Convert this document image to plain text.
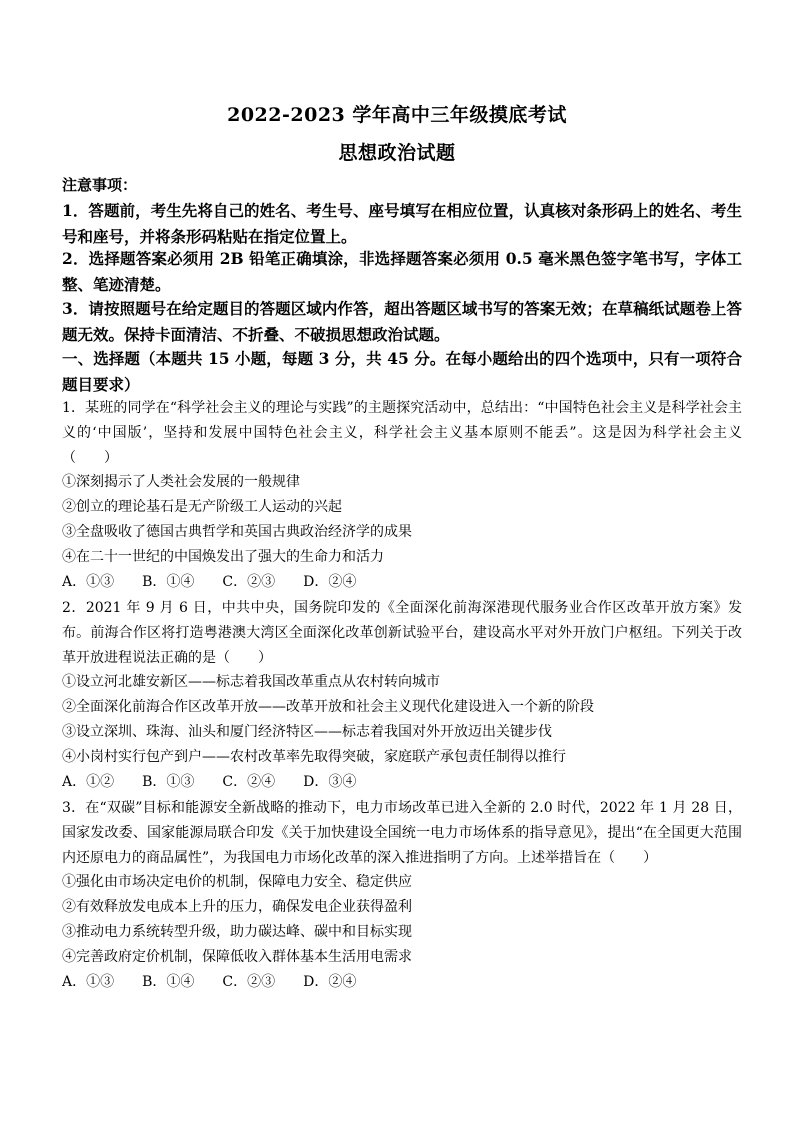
2022-2023 学年高中三年级摸底考试
思想政治试题
注意事项：
1．答题前，考生先将自己的姓名、考生号、座号填写在相应位置，认真核对条形码上的姓名、考生号和座号，并将条形码粘贴在指定位置上。
2．选择题答案必须用 2B 铅笔正确填涂，非选择题答案必须用 0.5 毫米黑色签字笔书写，字体工整、笔迹清楚。
3．请按照题号在给定题目的答题区域内作答，超出答题区域书写的答案无效；在草稿纸试题卷上答题无效。保持卡面清洁、不折叠、不破损思想政治试题。
一、选择题（本题共 15 小题，每题 3 分，共 45 分。在每小题给出的四个选项中，只有一项符合题目要求）
1．某班的同学在“科学社会主义的理论与实践”的主题探究活动中，总结出：“中国特色社会主义是科学社会主义的‘中国版’，坚持和发展中国特色社会主义，科学社会主义基本原则不能丢”。这是因为科学社会主义（　　）
①深刻揭示了人类社会发展的一般规律
②创立的理论基石是无产阶级工人运动的兴起
③全盘吸收了德国古典哲学和英国古典政治经济学的成果
④在二十一世纪的中国焕发出了强大的生命力和活力
A．①③　　B．①④　　C．②③　　D．②④
2．2021 年 9 月 6 日，中共中央，国务院印发的《全面深化前海深港现代服务业合作区改革开放方案》发布。前海合作区将打造粤港澳大湾区全面深化改革创新试验平台，建设高水平对外开放门户枢纽。下列关于改革开放进程说法正确的是（　　）
①设立河北雄安新区——标志着我国改革重点从农村转向城市
②全面深化前海合作区改革开放——改革开放和社会主义现代化建设进入一个新的阶段
③设立深圳、珠海、汕头和厦门经济特区——标志着我国对外开放迈出关键步伐
④小岗村实行包产到户——农村改革率先取得突破，家庭联产承包责任制得以推行
A．①②　　B．①③　　C．②④　　D．③④
3．在“双碳”目标和能源安全新战略的推动下，电力市场改革已进入全新的 2.0 时代，2022 年 1 月 28 日，国家发改委、国家能源局联合印发《关于加快建设全国统一电力市场体系的指导意见》，提出“在全国更大范围内还原电力的商品属性”，为我国电力市场化改革的深入推进指明了方向。上述举措旨在（　　）
①强化由市场决定电价的机制，保障电力安全、稳定供应
②有效释放发电成本上升的压力，确保发电企业获得盈利
③推动电力系统转型升级，助力碳达峰、碳中和目标实现
④完善政府定价机制，保障低收入群体基本生活用电需求
A．①③　　B．①④　　C．②③　　D．②④
